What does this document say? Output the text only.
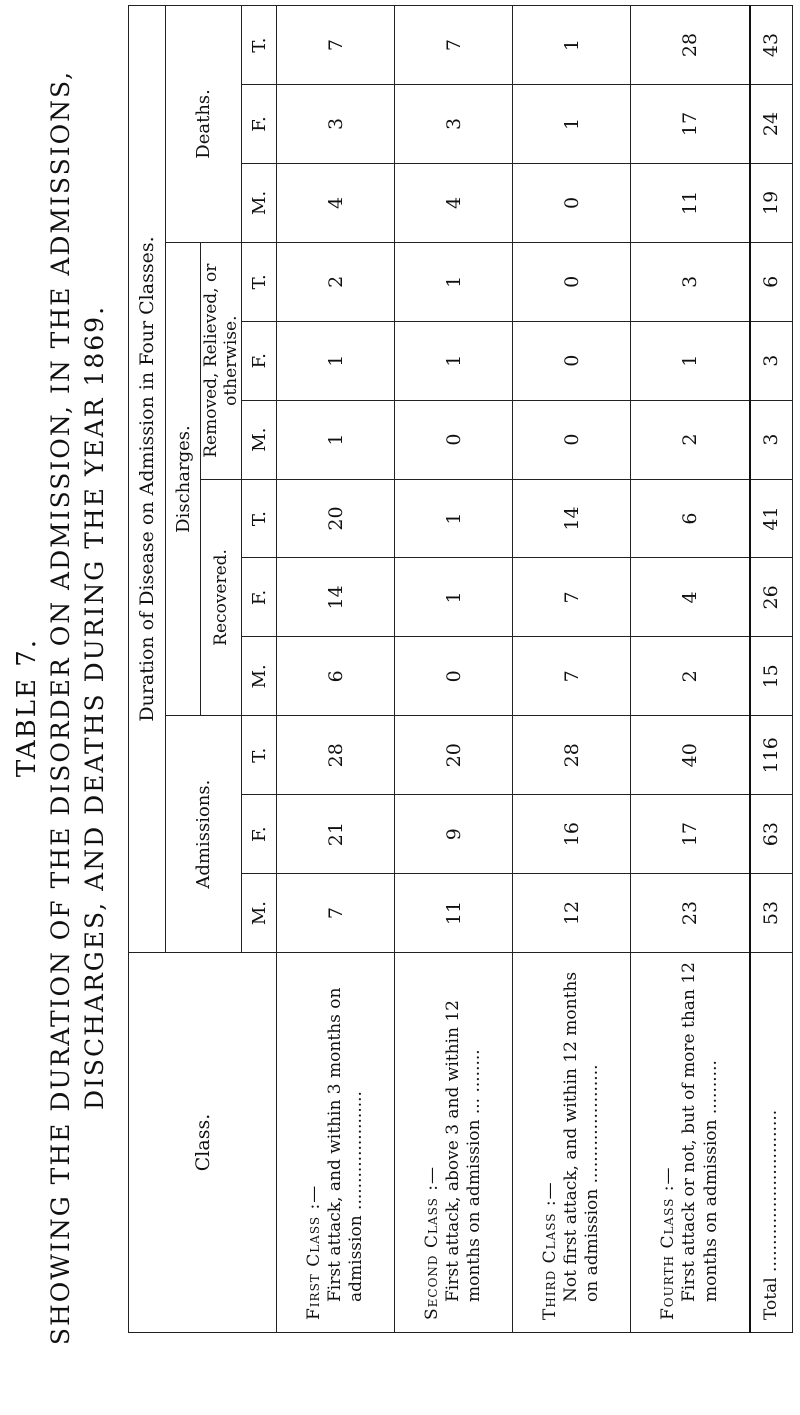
TABLE 7. SHOWING THE DURATION OF THE DISORDER ON ADMISSION, IN THE ADMISSIONS, DISCHARGES, AND DEATHS DURING THE YEAR 1869.
Class.	Duration of Disease on Admission in Four Classes.											
	Admissions.			Discharges.						Deaths.		
				Recovered.			Removed, Relieved, or otherwise.					
	M.	F.	T.	M.	F.	T.	M.	F.	T.	M.	F.	T.

First Class :— First attack, and within 3 months on admission ......................	7	21	28	6	14	20	1	1	2	4	3	7

Second Class :— First attack, above 3 and within 12 months on admission ... ........	11	9	20	0	1	1	0	1	1	4	3	7

Third Class :— Not first attack, and within 12 months on admission ......................	12	16	28	7	7	14	0	0	0	0	1	1

Fourth Class :— First attack or not, but of more than 12 months on admission ..........	23	17	40	2	4	6	2	1	3	11	17	28
Total ..............................	53	63	116	15	26	41	3	3	6	19	24	43
